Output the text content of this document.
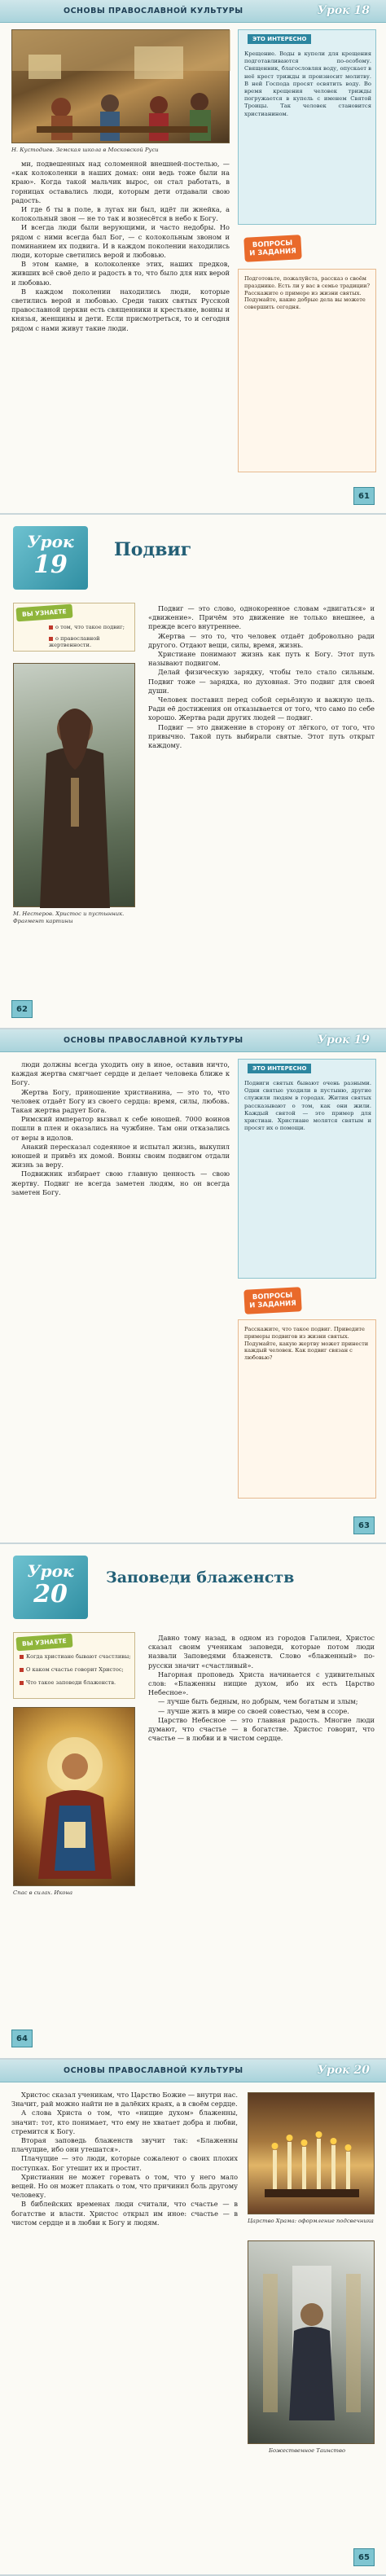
ОСНОВЫ ПРАВОСЛАВНОЙ КУЛЬТУРЫ	Урок 18
Н. Кустодиев. Земская школа в Московской Руси

ми, подвешенных над соломенной внешней-постелью, — «как колоколенки в наших домах: они ведь тоже были на краю». Когда такой мальчик вырос, он стал работать, в горницах оставались люди, которым дети отдавали свою радость.

И где б ты в поле, в лугах ни был, идёт ли жнейка, а колокольный звон — не то так и вознесётся в небо к Богу.

И всегда люди были верующими, и часто недобры. Но рядом с ними всегда был Бог, — с колокольным звоном и поминанием их подвига. И в каждом поколении находились люди, которые светились верой и любовью.

В этом камне, в колоколенке этих, наших предков, живших всё своё дело и радость в то, что было для них верой и любовью.

В каждом поколении находились люди, которые светились верой и любовью. Среди таких святых Русской православной церкви есть священники и крестьяне, воины и князья, женщины и дети. Если присмотреться, то и сегодня рядом с нами живут такие люди.

ЭТО ИНТЕРЕСНО
Крещение. Воды в купели для крещения подготавливаются по-особому. Священник, благословляя воду, опускает в неё крест трижды и произносит молитву. В ней Господа просят освятить воду. Во время крещения человек трижды погружается в купель с именем Святой Троицы. Так человек становится христианином.
ВОПРОСЫ
И ЗАДАНИЯ
Подготовьте, пожалуйста, рассказ о своём празднике. Есть ли у вас в семье традиции? Расскажите о примере из жизни святых. Подумайте, какие добрые дела вы можете совершить сегодня.
61
Урок
19
Подвиг
ВЫ УЗНАЕТЕ
о том, что такое подвиг;
о православной жертвенности.
М. Нестеров. Христос и пустынник. Фрагмент картины

Подвиг — это слово, однокоренное словам «двигаться» и «движение». Причём это движение не только внешнее, а прежде всего внутреннее.

Жертва — это то, что человек отдаёт добровольно ради другого. Отдают вещи, силы, время, жизнь.

Христиане понимают жизнь как путь к Богу. Этот путь называют подвигом.

Делай физическую зарядку, чтобы тело стало сильным. Подвиг тоже — зарядка, но духовная. Это подвиг для своей души.

Человек поставил перед собой серьёзную и важную цель. Ради её достижения он отказывается от того, что само по себе хорошо. Жертва ради других людей — подвиг.

Подвиг — это движение в сторону от лёгкого, от того, что привычно. Такой путь выбирали святые. Этот путь открыт каждому.

62
ОСНОВЫ ПРАВОСЛАВНОЙ КУЛЬТУРЫ	Урок 19

люди должны всегда уходить ону в иное, оставив ничто, каждая жертва смягчает сердце и делает человека ближе к Богу.

Жертва Богу, приношение христианина, — это то, что человек отдаёт Богу из своего сердца: время, силы, любовь. Такая жертва радует Бога.

Римский император вызвал к себе юношей. 7000 воинов пошли в плен и оказались на чужбине. Там они отказались от веры в идолов.

Анакий пересказал содеянное и испытал жизнь, выкупил юношей и привёз их домой. Воины своим подвигом отдали жизнь за веру.

Подвижник избирает свою главную ценность — свою жертву. Подвиг не всегда заметен людям, но он всегда заметен Богу.

ЭТО ИНТЕРЕСНО
Подвиги святых бывают очень разными. Одни святые уходили в пустыню, другие служили людям в городах. Жития святых рассказывают о том, как они жили. Каждый святой — это пример для христиан. Христиане молятся святым и просят их о помощи.
ВОПРОСЫ
И ЗАДАНИЯ
Расскажите, что такое подвиг. Приведите примеры подвигов из жизни святых. Подумайте, какую жертву может принести каждый человек. Как подвиг связан с любовью?
63
Урок
20
Заповеди блаженств
ВЫ УЗНАЕТЕ
Когда христиане бывают счастливы;
О каком счастье говорит Христос;
Что такое заповеди блаженств.
Спас в силах. Икона

Давно тому назад, в одном из городов Галилеи, Христос сказал своим ученикам заповеди, которые потом люди назвали Заповедями блаженств. Слово «блаженный» по-русски значит «счастливый».

Нагорная проповедь Христа начинается с удивительных слов: «Блаженны нищие духом, ибо их есть Царство Небесное».

— лучше быть бедным, но добрым, чем богатым и злым;

— лучше жить в мире со своей совестью, чем в ссоре.

Царство Небесное — это главная радость. Многие люди думают, что счастье — в богатстве. Христос говорит, что счастье — в любви и в чистом сердце.

64
ОСНОВЫ ПРАВОСЛАВНОЙ КУЛЬТУРЫ	Урок 20

Христос сказал ученикам, что Царство Божие — внутри нас. Значит, рай можно найти не в далёких краях, а в своём сердце.

А слова Христа о том, что «нищие духом» блаженны, значит: тот, кто понимает, что ему не хватает добра и любви, стремится к Богу.

Вторая заповедь блаженств звучит так: «Блаженны плачущие, ибо они утешатся».

Плачущие — это люди, которые сожалеют о своих плохих поступках. Бог утешит их и простит.

Христианин не может горевать о том, что у него мало вещей. Но он может плакать о том, что причинил боль другому человеку.

В библейских временах люди считали, что счастье — в богатстве и власти. Христос открыл им иное: счастье — в чистом сердце и в любви к Богу и людям.	Царство Храма: оформление подсвечника
Божественное Таинство
65
